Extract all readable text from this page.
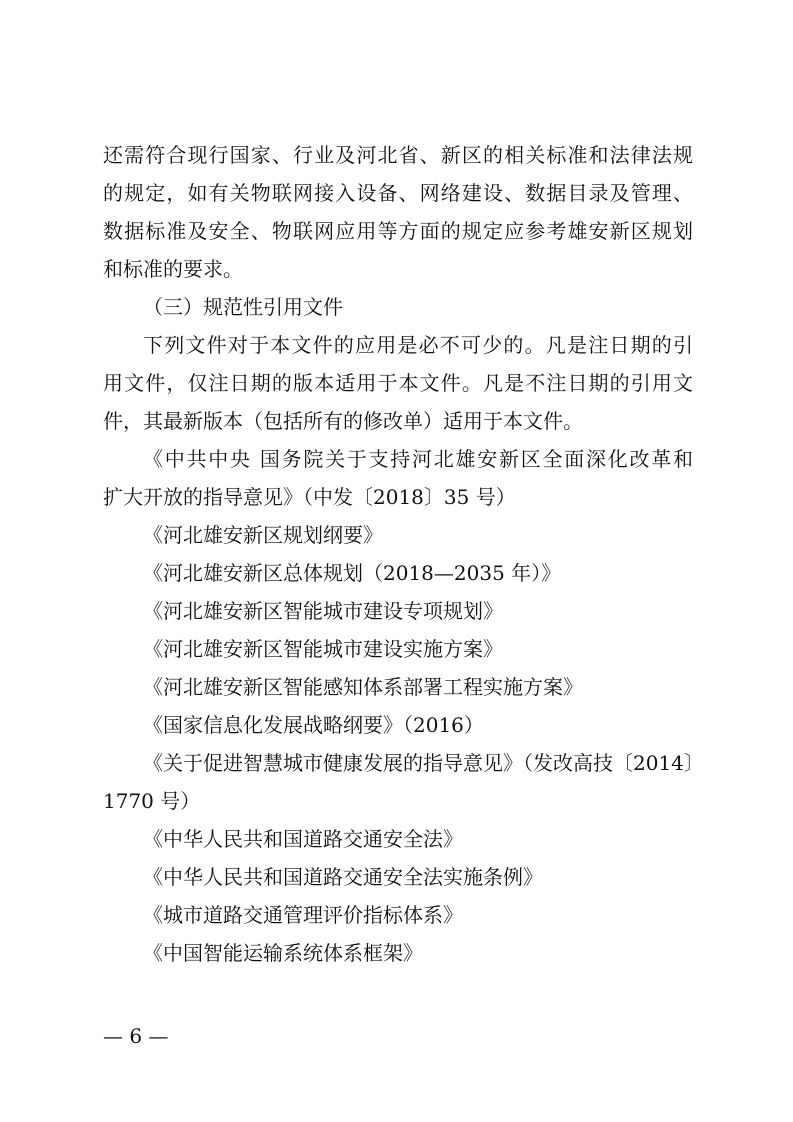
还需符合现行国家、行业及河北省、新区的相关标准和法律法规
的规定，如有关物联网接入设备、网络建设、数据目录及管理、
数据标准及安全、物联网应用等方面的规定应参考雄安新区规划
和标准的要求。
（三）规范性引用文件
下列文件对于本文件的应用是必不可少的。凡是注日期的引
用文件，仅注日期的版本适用于本文件。凡是不注日期的引用文
件，其最新版本（包括所有的修改单）适用于本文件。
《中共中央 国务院关于支持河北雄安新区全面深化改革和
扩大开放的指导意见》（中发〔2018〕35 号）
《河北雄安新区规划纲要》
《河北雄安新区总体规划（2018—2035 年）》
《河北雄安新区智能城市建设专项规划》
《河北雄安新区智能城市建设实施方案》
《河北雄安新区智能感知体系部署工程实施方案》
《国家信息化发展战略纲要》（2016）
《关于促进智慧城市健康发展的指导意见》（发改高技〔2014〕
1770 号）
《中华人民共和国道路交通安全法》
《中华人民共和国道路交通安全法实施条例》
《城市道路交通管理评价指标体系》
《中国智能运输系统体系框架》
— 6 —
